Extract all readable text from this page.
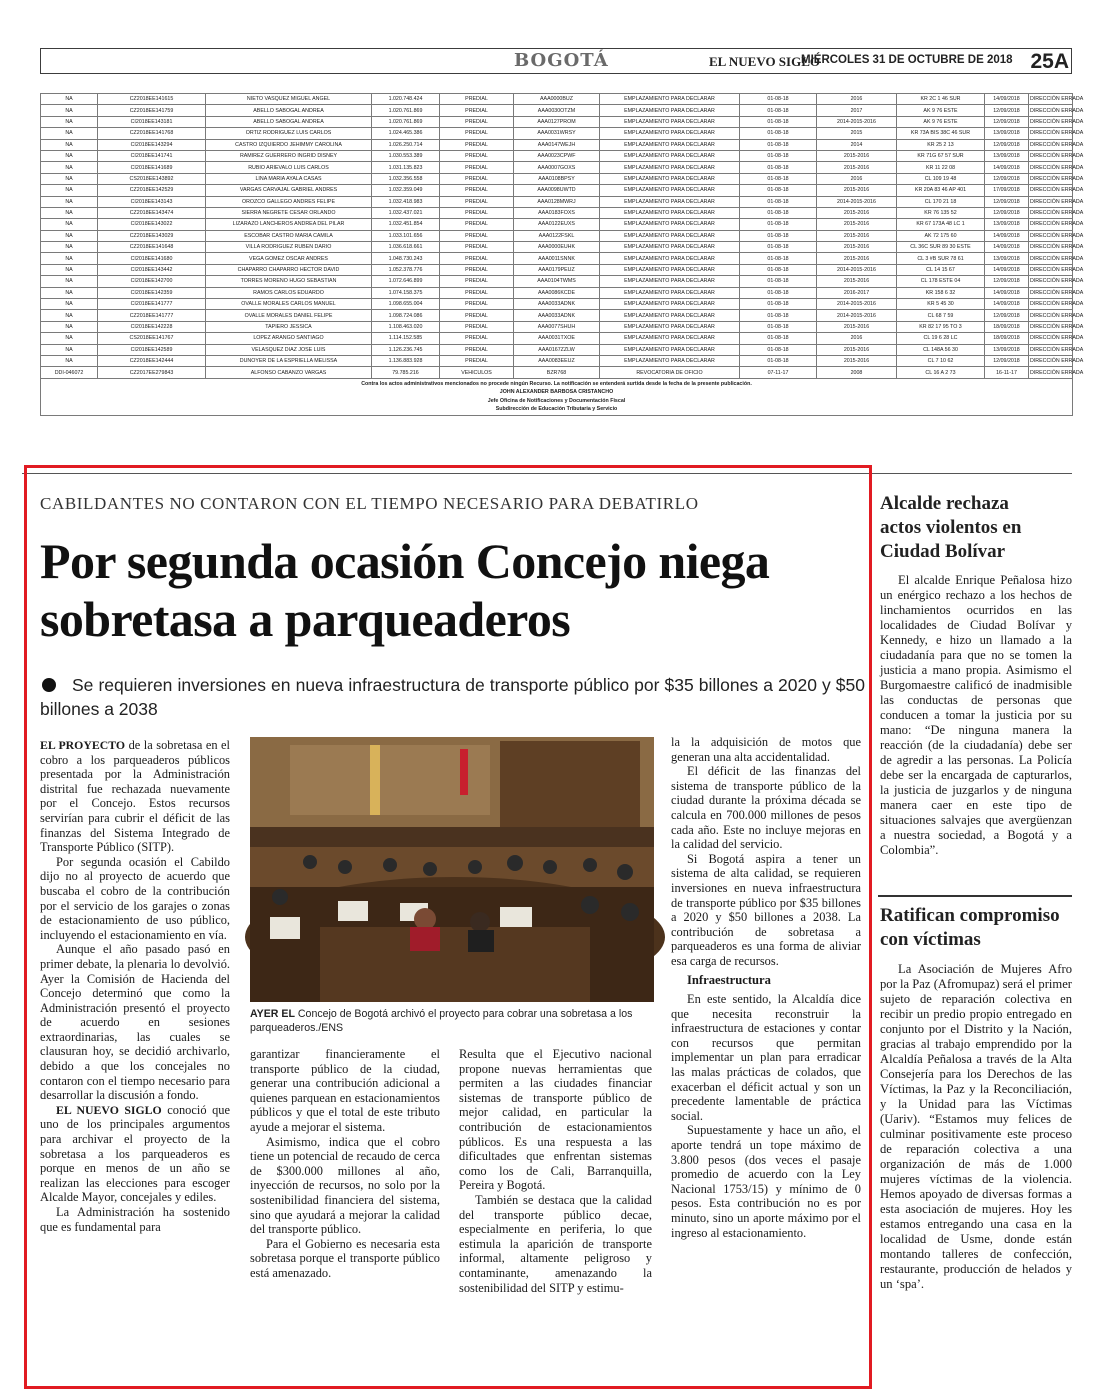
BOGOTÁ	EL NUEVO SIGLO
MIÉRCOLES 31 DE OCTUBRE DE 2018 25A
NA	CZ2018EE141615	NIETO VASQUEZ MIGUEL ANGEL	1.020.748.424	PREDIAL	AAA0000BUZ	EMPLAZAMIENTO PARA DECLARAR	01-08-18	2016	KR 2C 1 46 SUR	14/09/2018	DIRECCIÓN ERRADA
NA	CZ2018EE141759	ABELLO SABOGAL ANDREA	1.020.761.869	PREDIAL	AAA0030OTZM	EMPLAZAMIENTO PARA DECLARAR	01-08-18	2017	AK 9 76 ESTE	12/09/2018	DIRECCIÓN ERRADA
NA	CI2018EE143181	ABELLO SABOGAL ANDREA	1.020.761.869	PREDIAL	AAA0127PROM	EMPLAZAMIENTO PARA DECLARAR	01-08-18	2014-2015-2016	AK 9 76 ESTE	12/09/2018	DIRECCIÓN ERRADA
NA	CZ2018EE141768	ORTIZ RODRIGUEZ LUIS CARLOS	1.024.465.386	PREDIAL	AAA0031WRSY	EMPLAZAMIENTO PARA DECLARAR	01-08-18	2015	KR 73A BIS 38C 46 SUR	13/09/2018	DIRECCIÓN ERRADA
NA	CI2018EE143294	CASTRO IZQUIERDO JEHIMMY CAROLINA	1.026.250.714	PREDIAL	AAA0147WEJH	EMPLAZAMIENTO PARA DECLARAR	01-08-18	2014	KR 25 2 13	12/09/2018	DIRECCIÓN ERRADA
NA	CI2018EE141741	RAMIREZ GUERRERO INGRID DISNEY	1.030.553.389	PREDIAL	AAA0023CPWF	EMPLAZAMIENTO PARA DECLARAR	01-08-18	2015-2016	KR 71G 67 57 SUR	13/09/2018	DIRECCIÓN ERRADA
NA	CI2018EE141689	RUBIO ARIEVALO LUIS CARLOS	1.031.135.823	PREDIAL	AAA0007GOXS	EMPLAZAMIENTO PARA DECLARAR	01-08-18	2015-2016	KR 11 22 08	14/09/2018	DIRECCIÓN ERRADA
NA	CS2018EE143892	LINA MARIA AYALA CASAS	1.032.356.558	PREDIAL	AAA0108BPSY	EMPLAZAMIENTO PARA DECLARAR	01-08-18	2016	CL 109 19 48	12/09/2018	DIRECCIÓN ERRADA
NA	CZ2018EE142529	VARGAS CARVAJAL GABRIEL ANDRES	1.032.359.049	PREDIAL	AAA0098UWTD	EMPLAZAMIENTO PARA DECLARAR	01-08-18	2015-2016	KR 20A 83 46 AP 401	17/09/2018	DIRECCIÓN ERRADA
NA	CI2018EE143143	OROZCO GALLEGO ANDRES FELIPE	1.032.418.983	PREDIAL	AAA0128MWRJ	EMPLAZAMIENTO PARA DECLARAR	01-08-18	2014-2015-2016	CL 170 21 18	12/09/2018	DIRECCIÓN ERRADA
NA	CZ2018EE143474	SIERRA NEGRETE CESAR ORLANDO	1.032.437.021	PREDIAL	AAA0183FOXS	EMPLAZAMIENTO PARA DECLARAR	01-08-18	2015-2016	KR 76 135 52	12/09/2018	DIRECCIÓN ERRADA
NA	CI2018EE143022	LIZARAZO LANCHEROS ANDREA DEL PILAR	1.032.451.854	PREDIAL	AAA0122EUXS	EMPLAZAMIENTO PARA DECLARAR	01-08-18	2015-2016	KR 67 173A 48 LC 1	13/09/2018	DIRECCIÓN ERRADA
NA	CZ2018EE143029	ESCOBAR CASTRO MARIA CAMILA	1.033.101.656	PREDIAL	AAA0122FSKL	EMPLAZAMIENTO PARA DECLARAR	01-08-18	2015-2016	AK 72 175 60	14/09/2018	DIRECCIÓN ERRADA
NA	CZ2018EE141648	VILLA RODRIGUEZ RUBEN DARIO	1.036.618.661	PREDIAL	AAA0000EUHK	EMPLAZAMIENTO PARA DECLARAR	01-08-18	2015-2016	CL 36C SUR 89 30 ESTE	14/09/2018	DIRECCIÓN ERRADA
NA	CI2018EE141680	VEGA GOMEZ OSCAR ANDRES	1.048.730.243	PREDIAL	AAA0011SNNK	EMPLAZAMIENTO PARA DECLARAR	01-08-18	2015-2016	CL 3 #B SUR 78 61	13/09/2018	DIRECCIÓN ERRADA
NA	CI2018EE143442	CHAPARRO CHAPARRO HECTOR DAVID	1.052.378.776	PREDIAL	AAA0179PEUZ	EMPLAZAMIENTO PARA DECLARAR	01-08-18	2014-2015-2016	CL 14 15 67	14/09/2018	DIRECCIÓN ERRADA
NA	CI2018EE142700	TORRES MORENO HUGO SEBASTIAN	1.072.646.899	PREDIAL	AAA0104TWMS	EMPLAZAMIENTO PARA DECLARAR	01-08-18	2015-2016	CL 178 ESTE 04	12/09/2018	DIRECCIÓN ERRADA
NA	CI2018EE142359	RAMOS CARLOS EDUARDO	1.074.158.375	PREDIAL	AAA0086KCDE	EMPLAZAMIENTO PARA DECLARAR	01-08-18	2016-2017	KR 158 6 32	14/09/2018	DIRECCIÓN ERRADA
NA	CI2018EE141777	OVALLE MORALES CARLOS MANUEL	1.098.655.004	PREDIAL	AAA0033ADNK	EMPLAZAMIENTO PARA DECLARAR	01-08-18	2014-2015-2016	KR 5 45 30	14/09/2018	DIRECCIÓN ERRADA
NA	CZ2018EE141777	OVALLE MORALES DANIEL FELIPE	1.098.724.086	PREDIAL	AAA0033ADNK	EMPLAZAMIENTO PARA DECLARAR	01-08-18	2014-2015-2016	CL 68 7 59	12/09/2018	DIRECCIÓN ERRADA
NA	CI2018EE142228	TAPIERO JESSICA	1.108.463.020	PREDIAL	AAA0077SHUH	EMPLAZAMIENTO PARA DECLARAR	01-08-18	2015-2016	KR 82 17 95 TO 3	18/09/2018	DIRECCIÓN ERRADA
NA	CS2018EE141767	LOPEZ ARANGO SANTIAGO	1.114.152.585	PREDIAL	AAA0031TXOE	EMPLAZAMIENTO PARA DECLARAR	01-08-18	2016	CL 19 6 28 LC	18/09/2018	DIRECCIÓN ERRADA
NA	CI2018EE142589	VELASQUEZ DIAZ JOSE LUIS	1.126.236.745	PREDIAL	AAA0167ZZLW	EMPLAZAMIENTO PARA DECLARAR	01-08-18	2015-2016	CL 148A 56 30	13/09/2018	DIRECCIÓN ERRADA
NA	CZ2018EE142444	DUNOYER DE LA ESPRIELLA MELISSA	1.136.883.928	PREDIAL	AAA0083EEUZ	EMPLAZAMIENTO PARA DECLARAR	01-08-18	2015-2016	CL 7 10 62	12/09/2018	DIRECCIÓN ERRADA
DDI-046072	CZ2017EE279843	ALFONSO CABANZO VARGAS	79.785.216	VEHICULOS	BZR768	REVOCATORIA DE OFICIO	07-11-17	2008	CL 16 A 2 73	16-11-17	DIRECCIÓN ERRADA

Contra los actos administrativos mencionados no procede ningún Recurso. La notificación se entenderá surtida desde la fecha de la presente publicación.
JOHN ALEXANDER BARBOSA CRISTANCHO
Jefe Oficina de Notificaciones y Documentación Fiscal
Subdirección de Educación Tributaria y Servicio											
CABILDANTES NO CONTARON CON EL TIEMPO NECESARIO PARA DEBATIRLO
Por segunda ocasión Concejo niega sobretasa a parqueaderos
Se requieren inversiones en nueva infraestructura de transporte público por $35 billones a 2020 y $50 billones a 2038

EL PROYECTO de la sobretasa en el cobro a los parqueaderos públicos presentada por la Administración distrital fue rechazada nuevamente por el Concejo. Estos recursos servirían para cubrir el déficit de las finanzas del Sistema Integrado de Transporte Público (SITP).

Por segunda ocasión el Cabildo dijo no al proyecto de acuerdo que buscaba el cobro de la contribución por el servicio de los garajes o zonas de estacionamiento de uso público, incluyendo el estacionamiento en vía.

Aunque el año pasado pasó en primer debate, la plenaria lo devolvió. Ayer la Comisión de Hacienda del Concejo determinó que como la Administración presentó el proyecto de acuerdo en sesiones extraordinarias, las cuales se clausuran hoy, se decidió archivarlo, debido a que los concejales no contaron con el tiempo necesario para desarrollar la discusión a fondo.

EL NUEVO SIGLO conoció que uno de los principales argumentos para archivar el proyecto de la sobretasa a los parqueaderos es porque en menos de un año se realizan las elecciones para escoger Alcalde Mayor, concejales y ediles.

La Administración ha sostenido que es fundamental para

AYER EL Concejo de Bogotá archivó el proyecto para cobrar una sobretasa a los parqueaderos./ENS

garantizar financieramente el transporte público de la ciudad, generar una contribución adicional a quienes parquean en estacionamientos públicos y que el total de este tributo ayude a mejorar el sistema.

Asimismo, indica que el cobro tiene un potencial de recaudo de cerca de $300.000 millones al año, inyección de recursos, no solo por la sostenibilidad financiera del sistema, sino que ayudará a mejorar la calidad del transporte público.

Para el Gobierno es necesaria esta sobretasa porque el transporte público está amenazado.

Resulta que el Ejecutivo nacional propone nuevas herramientas que permiten a las ciudades financiar sistemas de transporte público de mejor calidad, en particular la contribución de estacionamientos públicos. Es una respuesta a las dificultades que enfrentan sistemas como los de Cali, Barranquilla, Pereira y Bogotá.

También se destaca que la calidad del transporte público decae, especialmente en periferia, lo que estimula la aparición de transporte informal, altamente peligroso y contaminante, amenazando la sostenibilidad del SITP y estimu-

la la adquisición de motos que generan una alta accidentalidad.

El déficit de las finanzas del sistema de transporte público de la ciudad durante la próxima década se calcula en 700.000 millones de pesos cada año. Este no incluye mejoras en la calidad del servicio.

Si Bogotá aspira a tener un sistema de alta calidad, se requieren inversiones en nueva infraestructura de transporte público por $35 billones a 2020 y $50 billones a 2038. La contribución de sobretasa a parqueaderos es una forma de aliviar esa carga de recursos.

Infraestructura

En este sentido, la Alcaldía dice que necesita reconstruir la infraestructura de estaciones y contar con recursos que permitan implementar un plan para erradicar las malas prácticas de colados, que exacerban el déficit actual y son un precedente lamentable de práctica social.

Supuestamente y hace un año, el aporte tendrá un tope máximo de 3.800 pesos (dos veces el pasaje promedio de acuerdo con la Ley Nacional 1753/15) y mínimo de 0 pesos. Esta contribución no es por minuto, sino un aporte máximo por el ingreso al estacionamiento.

Alcalde rechaza actos violentos en Ciudad Bolívar

El alcalde Enrique Peñalosa hizo un enérgico rechazo a los hechos de linchamientos ocurridos en las localidades de Ciudad Bolívar y Kennedy, e hizo un llamado a la ciudadanía para que no se tomen la justicia a mano propia. Asimismo el Burgomaestre calificó de inadmisible las conductas de personas que conducen a tomar la justicia por su mano: “De ninguna manera la reacción (de la ciudadanía) debe ser de agredir a las personas. La Policía debe ser la encargada de capturarlos, la justicia de juzgarlos y de ninguna manera caer en este tipo de situaciones salvajes que avergüenzan a nuestra sociedad, a Bogotá y a Colombia”.

Ratifican compromiso con víctimas

La Asociación de Mujeres Afro por la Paz (Afromupaz) será el primer sujeto de reparación colectiva en recibir un predio propio entregado en conjunto por el Distrito y la Nación, gracias al trabajo emprendido por la Alcaldía Peñalosa a través de la Alta Consejería para los Derechos de las Víctimas, la Paz y la Reconciliación, y la Unidad para las Víctimas (Uariv). “Estamos muy felices de culminar positivamente este proceso de reparación colectiva a una organización de más de 1.000 mujeres víctimas de la violencia. Hemos apoyado de diversas formas a esta asociación de mujeres. Hoy les estamos entregando una casa en la localidad de Usme, donde están montando talleres de confección, restaurante, producción de helados y un ‘spa’.
